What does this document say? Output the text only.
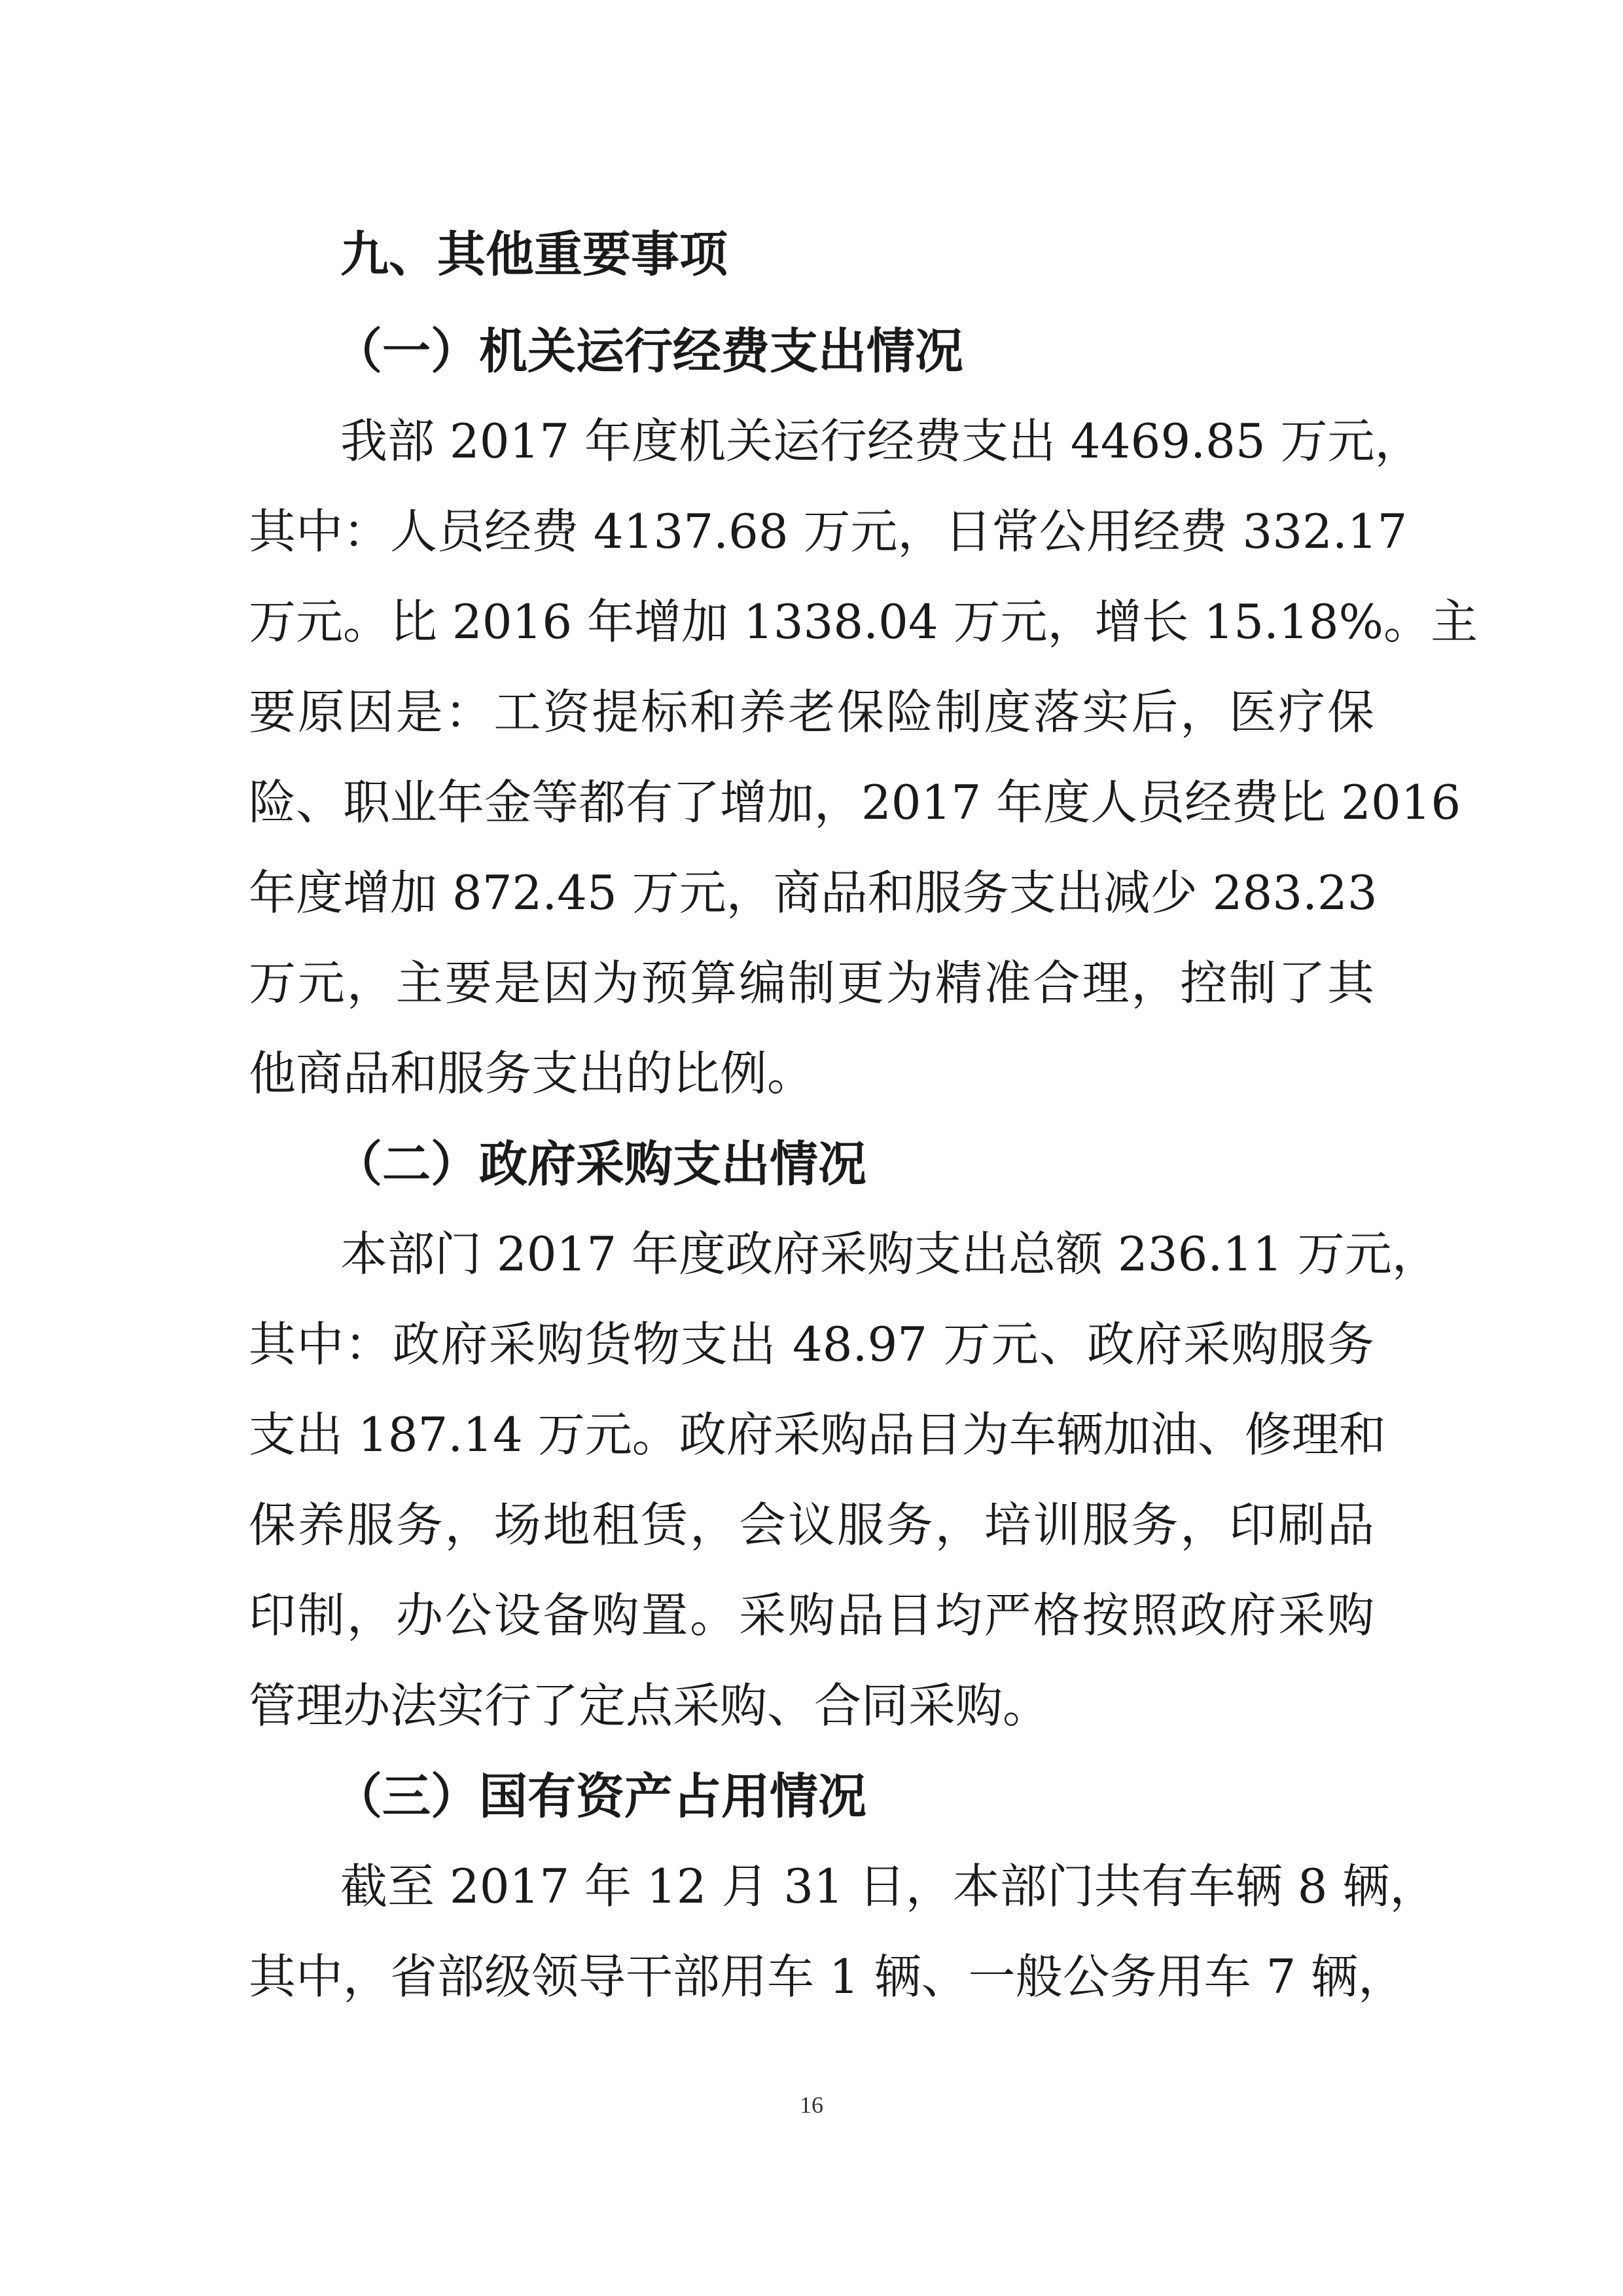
九、其他重要事项
（一）机关运行经费支出情况

我部 2017 年度机关运行经费支出 4469.85 万元，

其中：人员经费 4137.68 万元，日常公用经费 332.17

万元。比 2016 年增加 1338.04 万元，增长 15.18%。主

要原因是：工资提标和养老保险制度落实后，医疗保

险、职业年金等都有了增加，2017 年度人员经费比 2016

年度增加 872.45 万元，商品和服务支出减少 283.23

万元，主要是因为预算编制更为精准合理，控制了其

他商品和服务支出的比例。

（二）政府采购支出情况

本部门 2017 年度政府采购支出总额 236.11 万元，

其中：政府采购货物支出 48.97 万元、政府采购服务

支出 187.14 万元。政府采购品目为车辆加油、修理和

保养服务，场地租赁，会议服务，培训服务，印刷品

印制，办公设备购置。采购品目均严格按照政府采购

管理办法实行了定点采购、合同采购。

（三）国有资产占用情况

截至 2017 年 12 月 31 日，本部门共有车辆 8 辆，

其中，省部级领导干部用车 1 辆、一般公务用车 7 辆，

16
